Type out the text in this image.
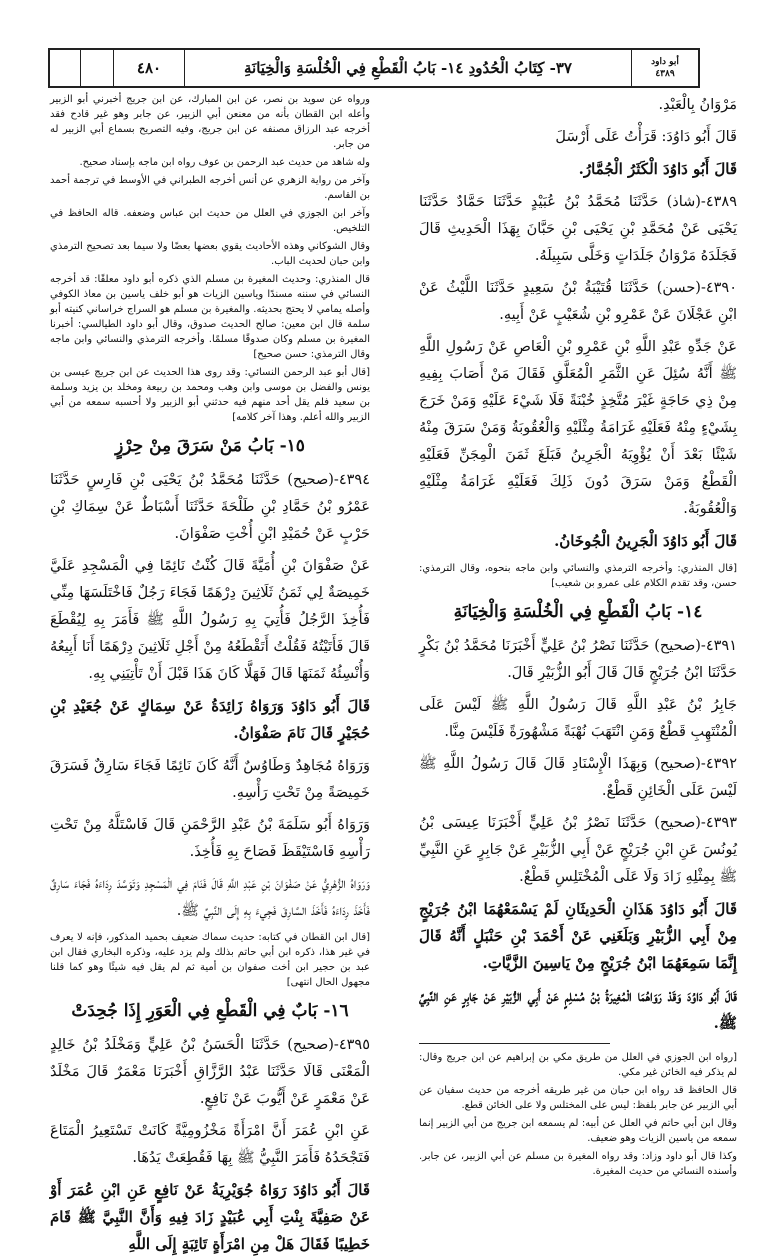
٤٨٠	٣٧- كِتَابُ الْحُدُودِ ١٤- بَابُ الْقَطْعِ فِي الْخُلْسَةِ وَالْخِيَانَةِ	أبو داود
٤٣٨٩

مَرْوَانُ بِالْعَبْدِ.

قَالَ أَبُو دَاوُدَ: قَرَأْتُ عَلَى أَرْسَلَ

قَالَ أَبُو دَاوُدَ الْكَثَرُ الْجُمَّارُ.

٤٣٨٩-(شاذ) حَدَّثَنَا مُحَمَّدُ بْنُ عُبَيْدٍ حَدَّثَنَا حَمَّادٌ حَدَّثَنَا يَحْيَى عَنْ مُحَمَّدِ بْنِ يَحْيَى بْنِ حَبَّانَ بِهَذَا الْحَدِيثِ قَالَ فَجَلَدَهُ مَرْوَانُ جَلَدَاتٍ وَخَلَّى سَبِيلَهُ.

٤٣٩٠-(حسن) حَدَّثَنَا قُتَيْبَةُ بْنُ سَعِيدٍ حَدَّثَنَا اللَّيْثُ عَنْ ابْنِ عَجْلَانَ عَنْ عَمْرِو بْنِ شُعَيْبٍ عَنْ أَبِيهِ.

عَنْ جَدِّهِ عَبْدِ اللَّهِ بْنِ عَمْرِو بْنِ الْعَاصِ عَنْ رَسُولِ اللَّهِ ﷺ أَنَّهُ سُئِلَ عَنِ الثَّمَرِ الْمُعَلَّقِ فَقَالَ مَنْ أَصَابَ بِفِيهِ مِنْ ذِي حَاجَةٍ غَيْرَ مُتَّخِذٍ خُبْنَةً فَلَا شَيْءَ عَلَيْهِ وَمَنْ خَرَجَ بِشَيْءٍ مِنْهُ فَعَلَيْهِ غَرَامَةُ مِثْلَيْهِ وَالْعُقُوبَةُ وَمَنْ سَرَقَ مِنْهُ شَيْئًا بَعْدَ أَنْ يُؤْوِيَهُ الْجَرِينُ فَبَلَغَ ثَمَنَ الْمِجَنِّ فَعَلَيْهِ الْقَطْعُ وَمَنْ سَرَقَ دُونَ ذَلِكَ فَعَلَيْهِ غَرَامَةُ مِثْلَيْهِ وَالْعُقُوبَةُ.

قَالَ أَبُو دَاوُدَ الْجَرِينُ الْجُوخَانُ.

[قال المنذري: وأخرجه الترمذي والنسائي وابن ماجه بنحوه، وقال الترمذي: حسن، وقد تقدم الكلام على عمرو بن شعيب]

١٤- بَابُ الْقَطْعِ فِي الْخُلْسَةِ وَالْخِيَانَةِ

٤٣٩١-(صحيح) حَدَّثَنَا نَصْرُ بْنُ عَلِيٍّ أَخْبَرَنَا مُحَمَّدُ بْنُ بَكْرٍ حَدَّثَنَا ابْنُ جُرَيْجٍ قَالَ قَالَ أَبُو الزُّبَيْرِ قَالَ.

جَابِرُ بْنُ عَبْدِ اللَّهِ قَالَ رَسُولُ اللَّهِ ﷺ لَيْسَ عَلَى الْمُنْتَهِبِ قَطْعٌ وَمَنِ انْتَهَبَ نُهْبَةً مَشْهُورَةً فَلَيْسَ مِنَّا.

٤٣٩٢-(صحيح) وَبِهَذَا الْإِسْنَادِ قَالَ قَالَ رَسُولُ اللَّهِ ﷺ لَيْسَ عَلَى الْخَائِنِ قَطْعٌ.

٤٣٩٣-(صحيح) حَدَّثَنَا نَصْرُ بْنُ عَلِيٍّ أَخْبَرَنَا عِيسَى بْنُ يُونُسَ عَنِ ابْنِ جُرَيْجٍ عَنْ أَبِي الزُّبَيْرِ عَنْ جَابِرٍ عَنِ النَّبِيِّ ﷺ بِمِثْلِهِ زَادَ وَلَا عَلَى الْمُخْتَلِسِ قَطْعٌ.

قَالَ أَبُو دَاوُدَ هَذَانِ الْحَدِيثَانِ لَمْ يَسْمَعْهُمَا ابْنُ جُرَيْجٍ مِنْ أَبِي الزُّبَيْرِ وَبَلَغَنِي عَنْ أَحْمَدَ بْنِ حَنْبَلٍ أَنَّهُ قَالَ إِنَّمَا سَمِعَهُمَا ابْنُ جُرَيْجٍ مِنْ يَاسِينَ الزَّيَّاتِ.

قَالَ أَبُو دَاوُدَ وَقَدْ رَوَاهُمَا الْمُغِيرَةُ بْنُ مُسْلِمٍ عَنْ أَبِي الزُّبَيْرِ عَنْ جَابِرٍ عَنِ النَّبِيِّ ﷺ.

[رواه ابن الجوزي في العلل من طريق مكي بن إبراهيم عن ابن جريج وقال: لم يذكر فيه الخائن غير مكي.

قال الحافظ قد رواه ابن حبان من غير طريقه أخرجه من حديث سفيان عن أبي الزبير عن جابر بلفظ: ليس على المختلس ولا على الخائن قطع.

وقال ابن أبي حاتم في العلل عن أبيه: لم يسمعه ابن جريج من أبي الزبير إنما سمعه من ياسين الزيات وهو ضعيف.

وكذا قال أبو داود وزاد: وقد رواه المغيرة بن مسلم عن أبي الزبير، عن جابر. وأسنده النسائي من حديث المغيرة.

ورواه عن سويد بن نصر، عن ابن المبارك، عن ابن جريج أخبرني أبو الزبير وأعله ابن القطان بأنه من معنعن أبي الزبير، عن جابر وهو غير قادح فقد أخرجه عبد الرزاق مصنفه عن ابن جريج، وفيه التصريح بسماع أبي الزبير له من جابر.

وله شاهد من حديث عبد الرحمن بن عوف رواه ابن ماجه بإسناد صحيح.

وآخر من رواية الزهري عن أنس أخرجه الطبراني في الأوسط في ترجمة أحمد بن القاسم.

وآخر ابن الجوزي في العلل من حديث ابن عباس وضعفه. قاله الحافظ في التلخيص.

وقال الشوكاني وهذه الأحاديث يقوي بعضها بعضًا ولا سيما بعد تصحيح الترمذي وابن حبان لحديث الباب.

قال المنذري: وحديث المغيرة بن مسلم الذي ذكره أبو داود معلقًا: قد أخرجه النسائي في سننه مسندًا وياسين الزيات هو أبو خلف ياسين بن معاذ الكوفي وأصله يمامي لا يحتج بحديثه. والمغيرة بن مسلم هو السراج خراساني كنيته أبو سلمة قال ابن معين: صالح الحديث صدوق، وقال أبو داود الطيالسي: أخبرنا المغيرة بن مسلم وكان صدوقًا مسلمًا. وأخرجه الترمذي والنسائي وابن ماجه وقال الترمذي: حسن صحيح]

[قال أبو عبد الرحمن النسائي: وقد روى هذا الحديث عن ابن جريج عيسى بن يونس والفضل بن موسى وابن وهب ومحمد بن ربيعة ومخلد بن يزيد وسلمة بن سعيد فلم يقل أحد منهم فيه حدثني أبو الزبير ولا أحسبه سمعه من أبي الزبير والله أعلم. وهذا آخر كلامه]

١٥- بَابُ مَنْ سَرَقَ مِنْ حِرْزٍ

٤٣٩٤-(صحيح) حَدَّثَنَا مُحَمَّدُ بْنُ يَحْيَى بْنِ فَارِسٍ حَدَّثَنَا عَمْرُو بْنُ حَمَّادِ بْنِ طَلْحَةَ حَدَّثَنَا أَسْبَاطٌ عَنْ سِمَاكِ بْنِ حَرْبٍ عَنْ حُمَيْدِ ابْنِ أُخْتِ صَفْوَانَ.

عَنْ صَفْوَانَ بْنِ أُمَيَّةَ قَالَ كُنْتُ نَائِمًا فِي الْمَسْجِدِ عَلَيَّ خَمِيصَةٌ لِي ثَمَنُ ثَلَاثِينَ دِرْهَمًا فَجَاءَ رَجُلٌ فَاخْتَلَسَهَا مِنِّي فَأُخِذَ الرَّجُلُ فَأُتِيَ بِهِ رَسُولُ اللَّهِ ﷺ فَأَمَرَ بِهِ لِيُقْطَعَ قَالَ فَأَتَيْتُهُ فَقُلْتُ أَتَقْطَعُهُ مِنْ أَجْلِ ثَلَاثِينَ دِرْهَمًا أَنَا أَبِيعُهُ وَأُنْسِئُهُ ثَمَنَهَا قَالَ فَهَلَّا كَانَ هَذَا قَبْلَ أَنْ تَأْتِيَنِي بِهِ.

قَالَ أَبُو دَاوُدَ وَرَوَاهُ زَائِدَةُ عَنْ سِمَاكٍ عَنْ جُعَيْدِ بْنِ حُجَيْرٍ قَالَ نَامَ صَفْوَانُ.

وَرَوَاهُ مُجَاهِدٌ وَطَاوُسٌ أَنَّهُ كَانَ نَائِمًا فَجَاءَ سَارِقٌ فَسَرَقَ خَمِيصَةً مِنْ تَحْتِ رَأْسِهِ.

وَرَوَاهُ أَبُو سَلَمَةَ بْنُ عَبْدِ الرَّحْمَنِ قَالَ فَاسْتَلَّهُ مِنْ تَحْتِ رَأْسِهِ فَاسْتَيْقَظَ فَصَاحَ بِهِ فَأُخِذَ.

وَرَوَاهُ الزُّهْرِيُّ عَنْ صَفْوَانَ بْنِ عَبْدِ اللَّهِ قَالَ فَنَامَ فِي الْمَسْجِدِ وَتَوَسَّدَ رِدَاءَهُ فَجَاءَ سَارِقٌ فَأَخَذَ رِدَاءَهُ فَأَخَذَ السَّارِقَ فَجِيءَ بِهِ إِلَى النَّبِيِّ ﷺ.

[قال ابن القطان في كتابه: حديث سماك ضعيف بحميد المذكور، فإنه لا يعرف في غير هذا، ذكره ابن أبي حاتم بذلك ولم يزد عليه، وذكره البخاري فقال ابن عبد بن حجير ابن أخت صفوان بن أمية ثم لم يقل فيه شيئًا وهو كما قلنا مجهول الحال انتهى]

١٦- بَابٌ فِي الْقَطْعِ فِي الْعَوَرِ إِذَا جُحِدَتْ

٤٣٩٥-(صحيح) حَدَّثَنَا الْحَسَنُ بْنُ عَلِيٍّ وَمَخْلَدُ بْنُ خَالِدٍ الْمَعْنَى قَالَا حَدَّثَنَا عَبْدُ الرَّزَّاقِ أَخْبَرَنَا مَعْمَرٌ قَالَ مَخْلَدٌ عَنْ مَعْمَرٍ عَنْ أَيُّوبَ عَنْ نَافِعٍ.

عَنِ ابْنِ عُمَرَ أَنَّ امْرَأَةً مَخْزُومِيَّةً كَانَتْ تَسْتَعِيرُ الْمَتَاعَ فَتَجْحَدُهُ فَأَمَرَ النَّبِيُّ ﷺ بِهَا فَقُطِعَتْ يَدُهَا.

قَالَ أَبُو دَاوُدَ رَوَاهُ جُوَيْرِيَةُ عَنْ نَافِعٍ عَنِ ابْنِ عُمَرَ أَوْ عَنْ صَفِيَّةَ بِنْتِ أَبِي عُبَيْدٍ زَادَ فِيهِ وَأَنَّ النَّبِيَّ ﷺ قَامَ خَطِيبًا فَقَالَ هَلْ مِنِ امْرَأَةٍ تَائِبَةٍ إِلَى اللَّهِ
